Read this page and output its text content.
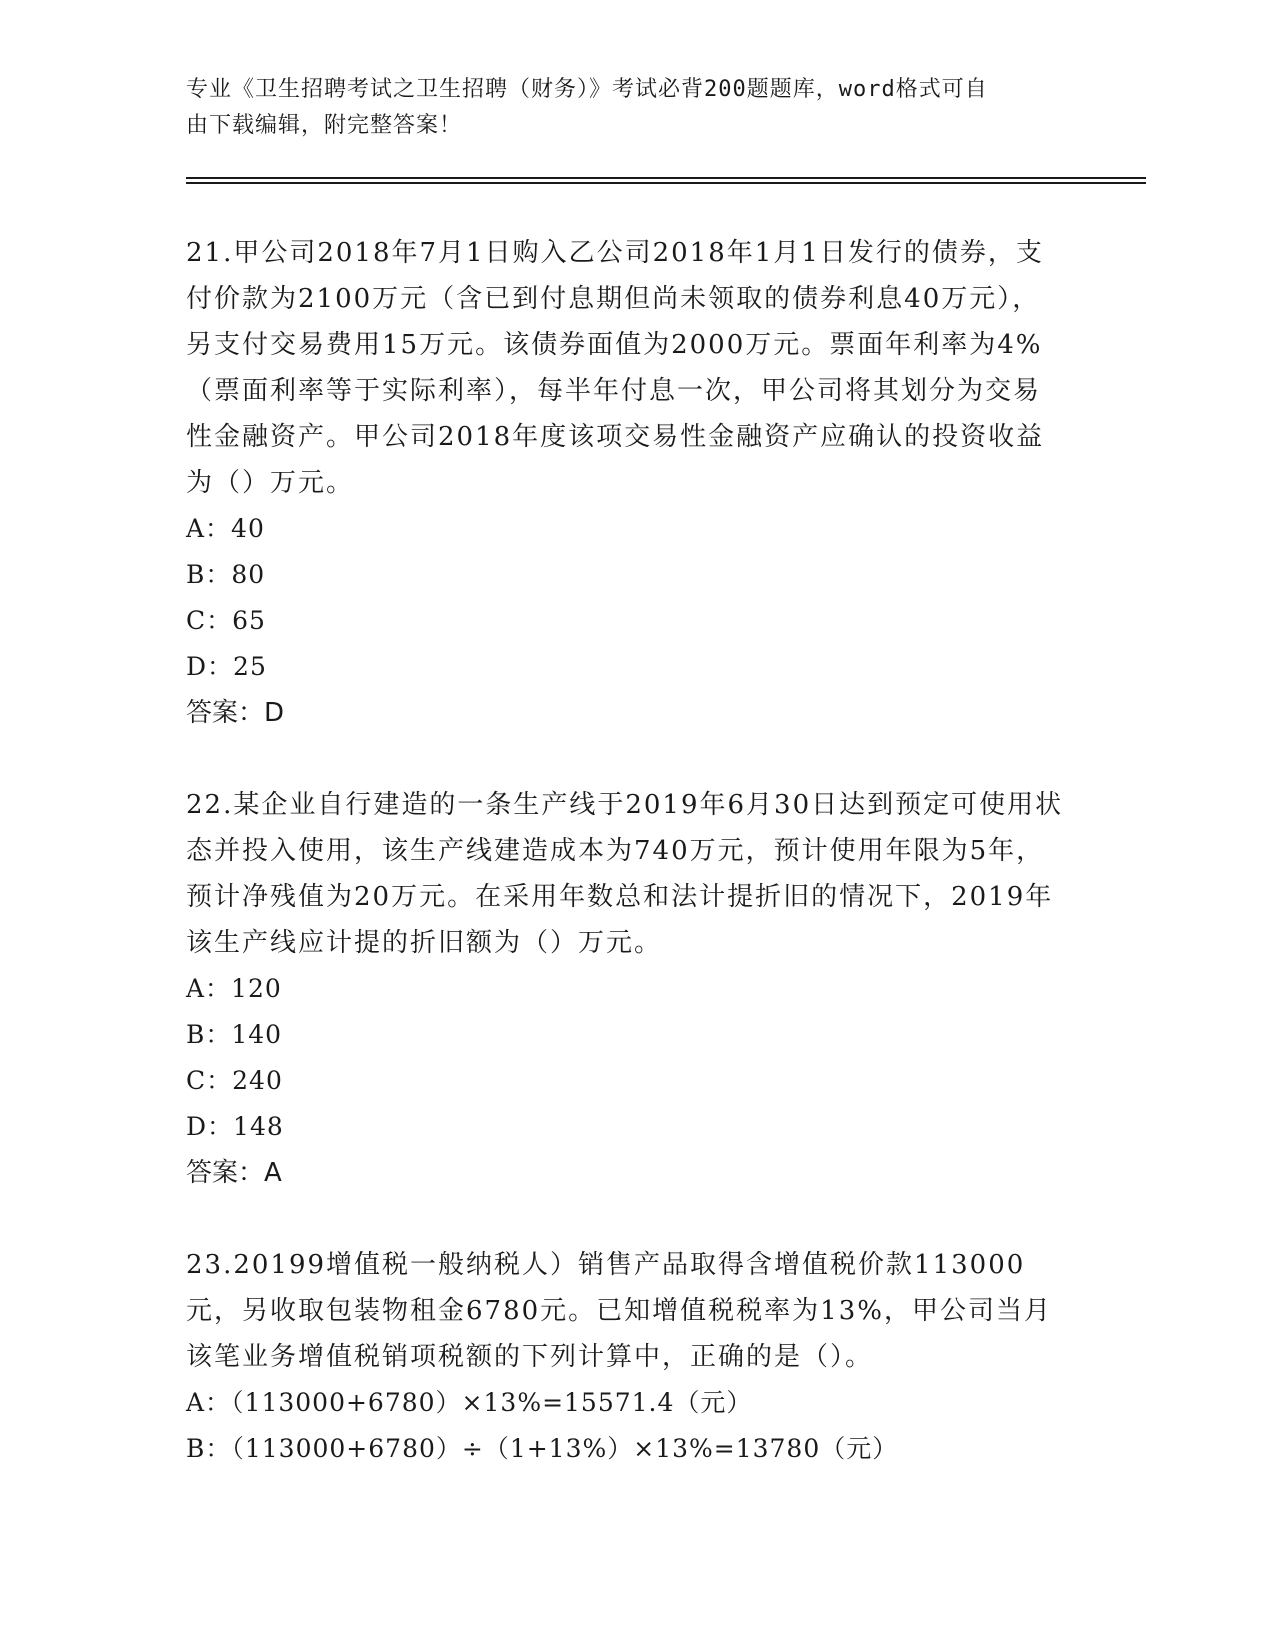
专业《卫生招聘考试之卫生招聘（财务）》考试必背200题题库，word格式可自
由下载编辑，附完整答案！

21.甲公司2018年7月1日购入乙公司2018年1月1日发行的债券，支付价款为2100万元（含已到付息期但尚未领取的债券利息40万元），另支付交易费用15万元。该债券面值为2000万元。票面年利率为4%（票面利率等于实际利率），每半年付息一次，甲公司将其划分为交易性金融资产。甲公司2018年度该项交易性金融资产应确认的投资收益为（）万元。

A：40

B：80

C：65

D：25

答案：D

22.某企业自行建造的一条生产线于2019年6月30日达到预定可使用状态并投入使用，该生产线建造成本为740万元，预计使用年限为5年，预计净残值为20万元。在采用年数总和法计提折旧的情况下，2019年该生产线应计提的折旧额为（）万元。

A：120

B：140

C：240

D：148

答案：A

23.20199增值税一般纳税人）销售产品取得含增值税价款113000元，另收取包装物租金6780元。已知增值税税率为13%，甲公司当月该笔业务增值税销项税额的下列计算中，正确的是（）。

A：（113000+6780）×13%=15571.4（元）

B：（113000+6780）÷（1+13%）×13%=13780（元）
